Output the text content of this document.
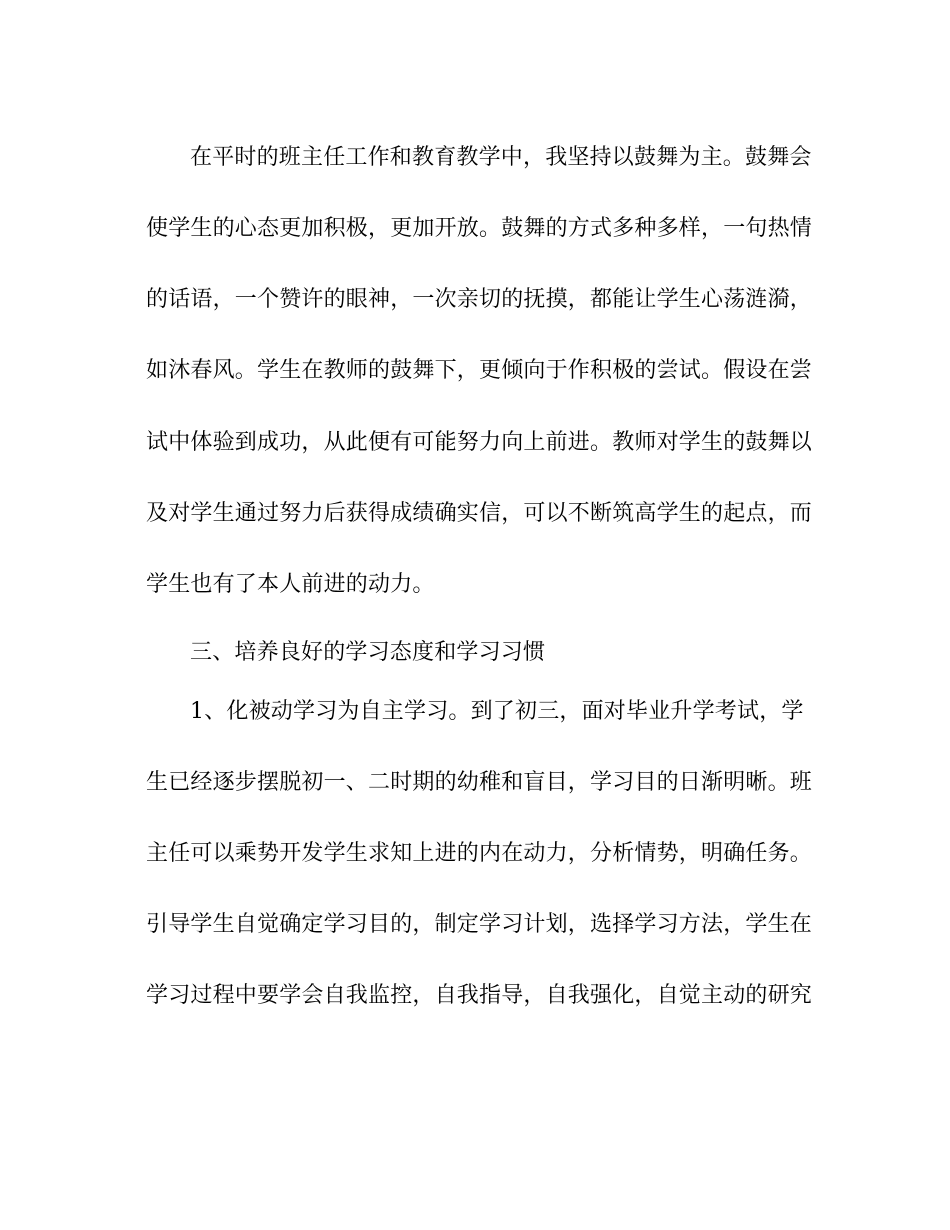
在平时的班主任工作和教育教学中，我坚持以鼓舞为主。鼓舞会
使学生的心态更加积极，更加开放。鼓舞的方式多种多样，一句热情
的话语，一个赞许的眼神，一次亲切的抚摸，都能让学生心荡涟漪，
如沐春风。学生在教师的鼓舞下，更倾向于作积极的尝试。假设在尝
试中体验到成功，从此便有可能努力向上前进。教师对学生的鼓舞以
及对学生通过努力后获得成绩确实信，可以不断筑高学生的起点，而
学生也有了本人前进的动力。
三、培养良好的学习态度和学习习惯
1、化被动学习为自主学习。到了初三，面对毕业升学考试，学
生已经逐步摆脱初一、二时期的幼稚和盲目，学习目的日渐明晰。班
主任可以乘势开发学生求知上进的内在动力，分析情势，明确任务。
引导学生自觉确定学习目的，制定学习计划，选择学习方法，学生在
学习过程中要学会自我监控，自我指导，自我强化，自觉主动的研究
